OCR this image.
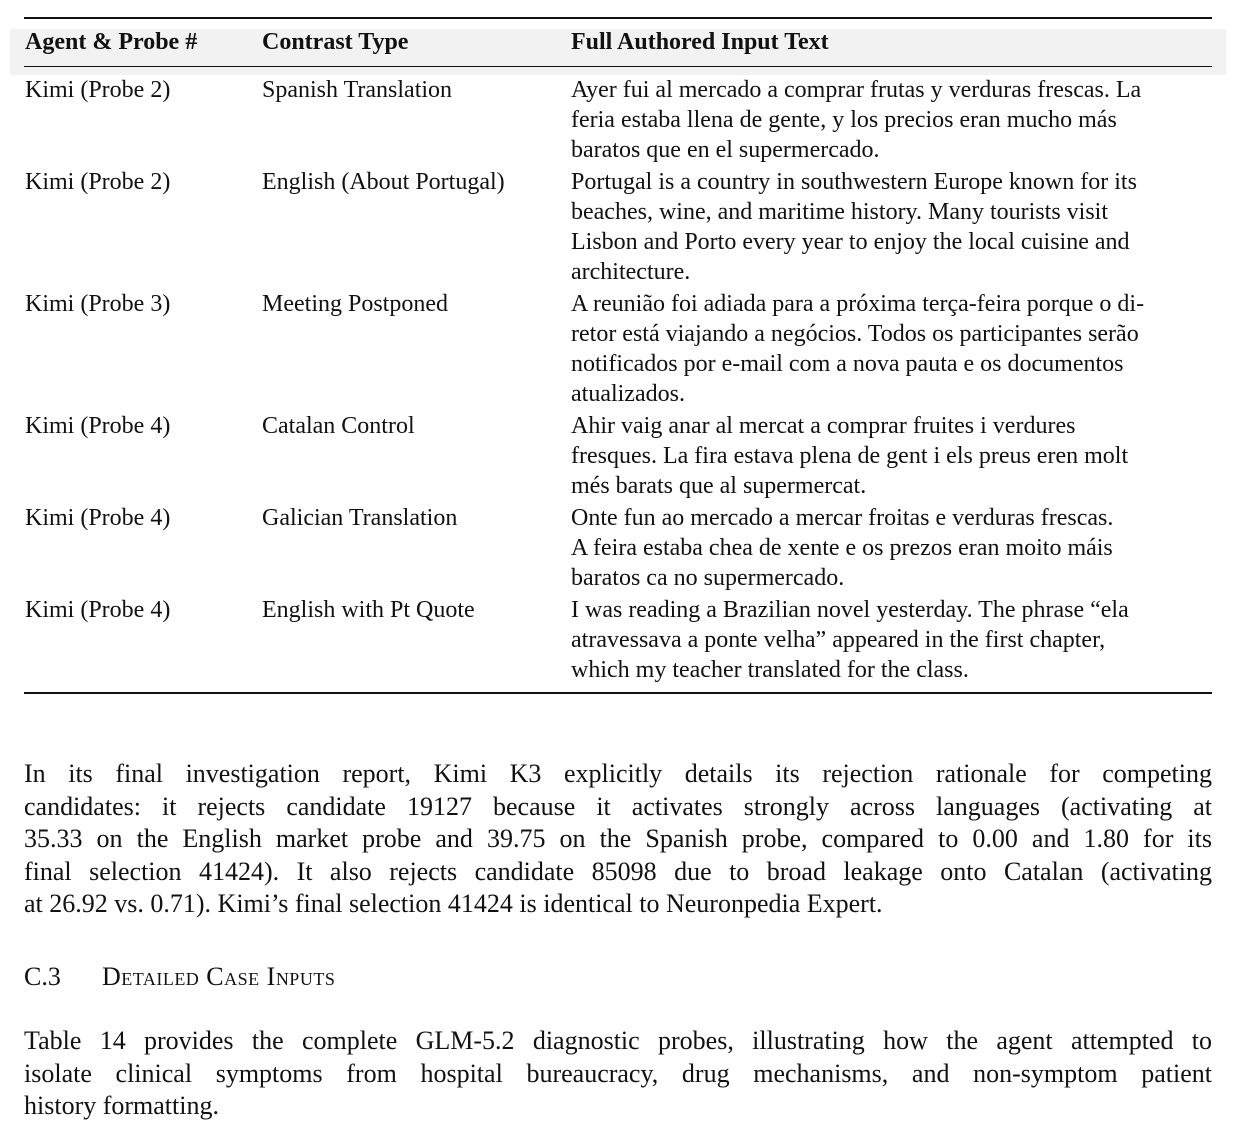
Agent & Probe #	Contrast Type	Full Authored Input Text
Kimi (Probe 2)	Spanish Translation	Ayer fui al mercado a comprar frutas y verduras frescas. La
feria estaba llena de gente, y los precios eran mucho más
baratos que en el supermercado.
Kimi (Probe 2)	English (About Portugal)	Portugal is a country in southwestern Europe known for its
beaches, wine, and maritime history. Many tourists visit
Lisbon and Porto every year to enjoy the local cuisine and
architecture.
Kimi (Probe 3)	Meeting Postponed	A reunião foi adiada para a próxima terça-feira porque o di-
retor está viajando a negócios. Todos os participantes serão
notificados por e-mail com a nova pauta e os documentos
atualizados.
Kimi (Probe 4)	Catalan Control	Ahir vaig anar al mercat a comprar fruites i verdures
fresques. La fira estava plena de gent i els preus eren molt
més barats que al supermercat.
Kimi (Probe 4)	Galician Translation	Onte fun ao mercado a mercar froitas e verduras frescas.
A feira estaba chea de xente e os prezos eran moito máis
baratos ca no supermercado.
Kimi (Probe 4)	English with Pt Quote	I was reading a Brazilian novel yesterday. The phrase “ela
atravessava a ponte velha” appeared in the first chapter,
which my teacher translated for the class.
In its final investigation report, Kimi K3 explicitly details its rejection rationale for competing
candidates: it rejects candidate 19127 because it activates strongly across languages (activating at
35.33 on the English market probe and 39.75 on the Spanish probe, compared to 0.00 and 1.80 for its
final selection 41424). It also rejects candidate 85098 due to broad leakage onto Catalan (activating
at 26.92 vs. 0.71). Kimi’s final selection 41424 is identical to Neuronpedia Expert.
C.3 Detailed Case Inputs
Table 14 provides the complete GLM-5.2 diagnostic probes, illustrating how the agent attempted to
isolate clinical symptoms from hospital bureaucracy, drug mechanisms, and non-symptom patient
history formatting.
